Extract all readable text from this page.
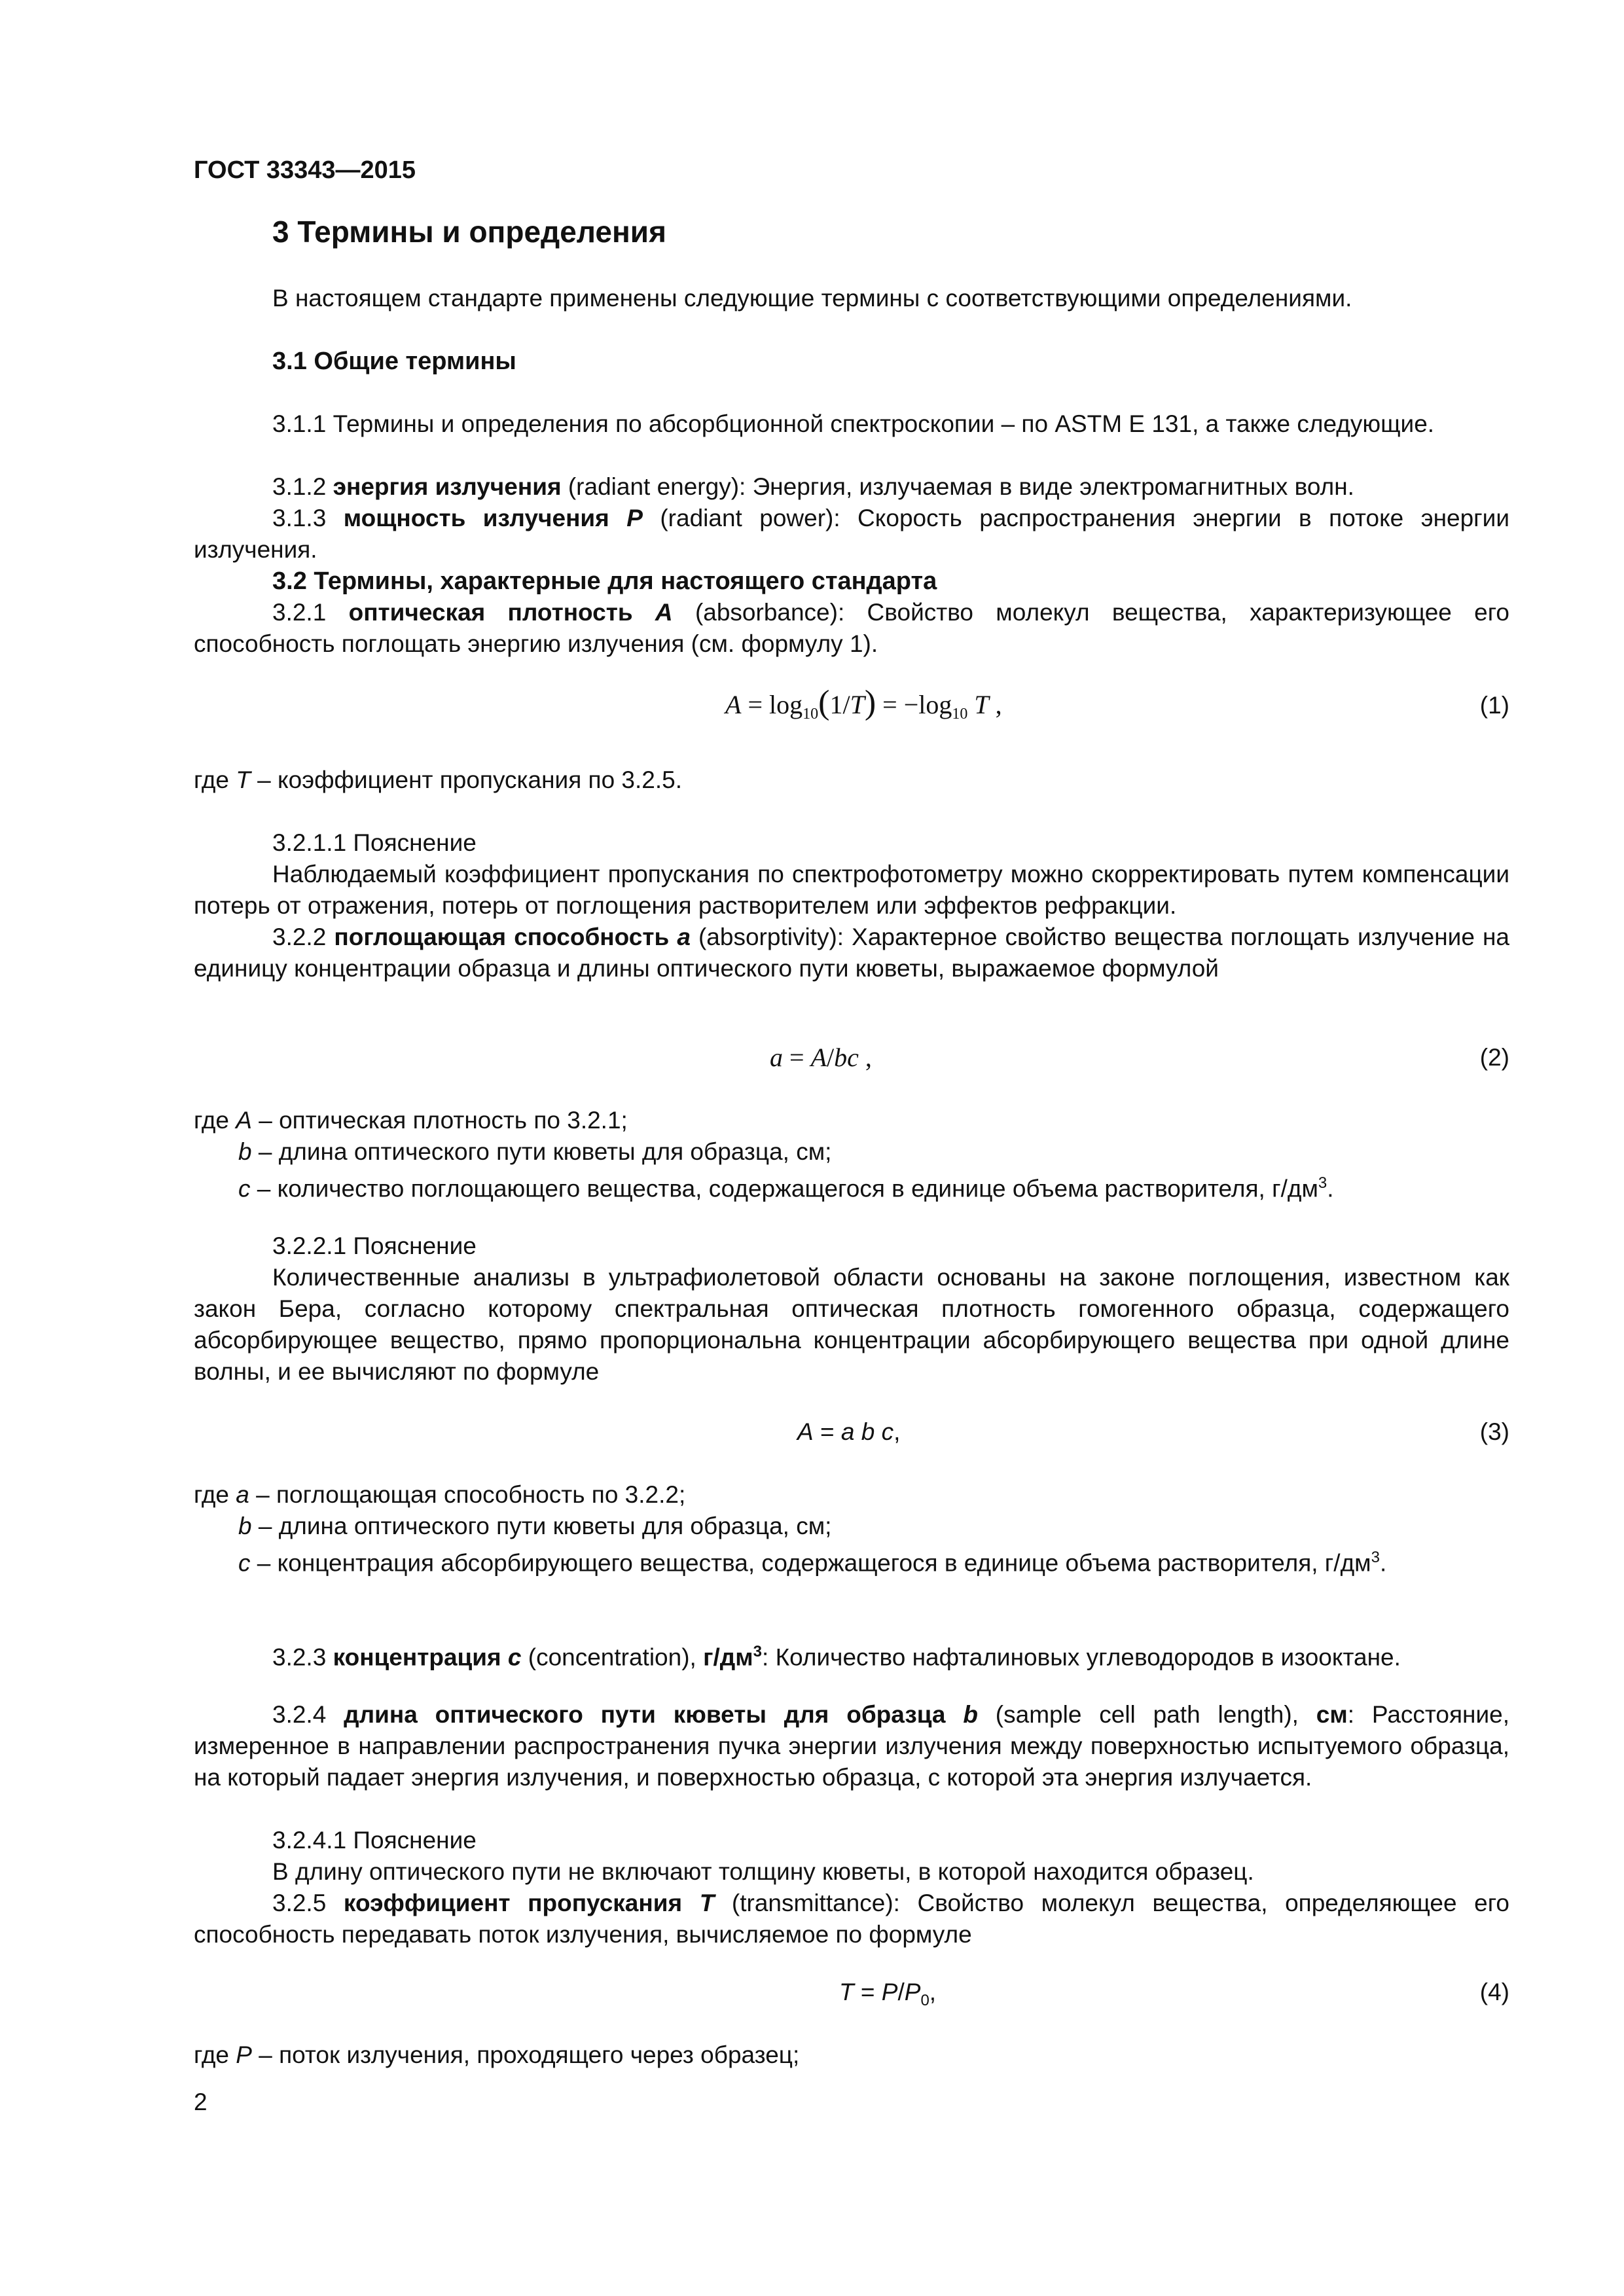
ГОСТ 33343—2015
3 Термины и определения
В настоящем стандарте применены следующие термины с соответствующими определениями.
3.1 Общие термины
3.1.1 Термины и определения по абсорбционной спектроскопии – по ASTM E 131, а также следующие.
3.1.2 энергия излучения (radiant energy): Энергия, излучаемая в виде электромагнитных волн.
3.1.3 мощность излучения P (radiant power): Скорость распространения энергии в потоке энергии излучения.
3.2 Термины, характерные для настоящего стандарта
3.2.1 оптическая плотность A (absorbance): Свойство молекул вещества, характеризующее его способность поглощать энергию излучения (см. формулу 1).
$A = \log_{10}(1/T) = -\log_{10}$ T ,	(1)
где T – коэффициент пропускания по 3.2.5.
3.2.1.1 Пояснение
Наблюдаемый коэффициент пропускания по спектрофотометру можно скорректировать путем компенсации потерь от отражения, потерь от поглощения растворителем или эффектов рефракции.
3.2.2 поглощающая способность a (absorptivity): Характерное свойство вещества поглощать излучение на единицу концентрации образца и длины оптического пути кюветы, выражаемое формулой
a = A/bc ,	(2)
где A – оптическая плотность по 3.2.1;
b – длина оптического пути кюветы для образца, см;
c – количество поглощающего вещества, содержащегося в единице объема растворителя, $г/дм^3$.
3.2.2.1 Пояснение
Количественные анализы в ультрафиолетовой области основаны на законе поглощения, известном как закон Бера, согласно которому спектральная оптическая плотность гомогенного образца, содержащего абсорбирующее вещество, прямо пропорциональна концентрации абсорбирующего вещества при одной длине волны, и ее вычисляют по формуле
A = a b c,	(3)
где a – поглощающая способность по 3.2.2;
b – длина оптического пути кюветы для образца, см;
c – концентрация абсорбирующего вещества, содержащегося в единице объема растворителя, $г/дм^3$.
3.2.3 концентрация c (concentration), $г/дм^3$: Количество нафталиновых углеводородов в изооктане.
3.2.4 длина оптического пути кюветы для образца b (sample cell path length), см: Расстояние, измеренное в направлении распространения пучка энергии излучения между поверхностью испытуемого образца, на который падает энергия излучения, и поверхностью образца, с которой эта энергия излучается.
3.2.4.1 Пояснение
В длину оптического пути не включают толщину кюветы, в которой находится образец.
3.2.5 коэффициент пропускания T (transmittance): Свойство молекул вещества, определяющее его способность передавать поток излучения, вычисляемое по формуле
$T = P/P_0$,	(4)
где P – поток излучения, проходящего через образец;
2
